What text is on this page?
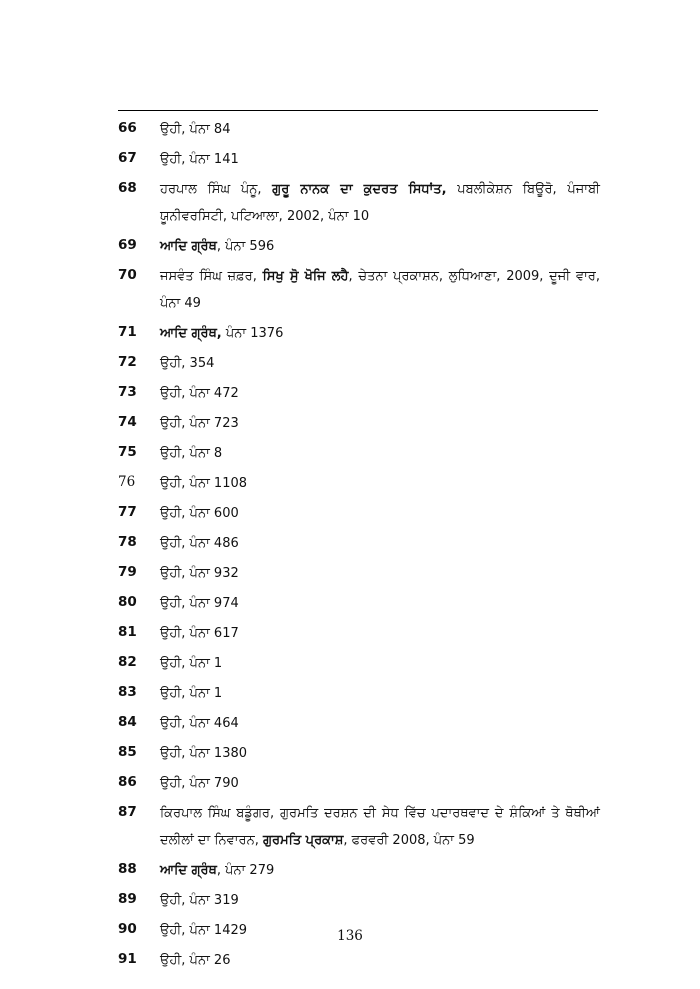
66	ਉਹੀ, ਪੰਨਾ 84
67	ਉਹੀ, ਪੰਨਾ 141
68	ਹਰਪਾਲ ਸਿੰਘ ਪੰਨੂ, ਗੁਰੂ ਨਾਨਕ ਦਾ ਕੁਦਰਤ ਸਿਧਾਂਤ, ਪਬਲੀਕੇਸ਼ਨ ਬਿਊਰੋ, ਪੰਜਾਬੀ ਯੂਨੀਵਰਸਿਟੀ, ਪਟਿਆਲਾ, 2002, ਪੰਨਾ 10
69	ਆਦਿ ਗ੍ਰੰਥ, ਪੰਨਾ 596
70	ਜਸਵੰਤ ਸਿੰਘ ਜ਼ਫ਼ਰ, ਸਿਖੁ ਸੁੋ ਖੋਜਿ ਲਹੈ, ਚੇਤਨਾ ਪ੍ਰਕਾਸ਼ਨ, ਲੁਧਿਆਣਾ, 2009, ਦੂਜੀ ਵਾਰ, ਪੰਨਾ 49
71	ਆਦਿ ਗ੍ਰੰਥ, ਪੰਨਾ 1376
72	ਉਹੀ, 354
73	ਉਹੀ, ਪੰਨਾ 472
74	ਉਹੀ, ਪੰਨਾ 723
75	ਉਹੀ, ਪੰਨਾ 8
76	ਉਹੀ, ਪੰਨਾ 1108
77	ਉਹੀ, ਪੰਨਾ 600
78	ਉਹੀ, ਪੰਨਾ 486
79	ਉਹੀ, ਪੰਨਾ 932
80	ਉਹੀ, ਪੰਨਾ 974
81	ਉਹੀ, ਪੰਨਾ 617
82	ਉਹੀ, ਪੰਨਾ 1
83	ਉਹੀ, ਪੰਨਾ 1
84	ਉਹੀ, ਪੰਨਾ 464
85	ਉਹੀ, ਪੰਨਾ 1380
86	ਉਹੀ, ਪੰਨਾ 790
87	ਕਿਰਪਾਲ ਸਿੰਘ ਬਡੂੰਗਰ, ਗੁਰਮਤਿ ਦਰਸ਼ਨ ਦੀ ਸੇਧ ਵਿੱਚ ਪਦਾਰਥਵਾਦ ਦੇ ਸ਼ੰਕਿਆਂ ਤੇ ਥੋਥੀਆਂ ਦਲੀਲਾਂ ਦਾ ਨਿਵਾਰਨ, ਗੁਰਮਤਿ ਪ੍ਰਕਾਸ਼, ਫਰਵਰੀ 2008, ਪੰਨਾ 59
88	ਆਦਿ ਗ੍ਰੰਥ, ਪੰਨਾ 279
89	ਉਹੀ, ਪੰਨਾ 319
90	ਉਹੀ, ਪੰਨਾ 1429
91	ਉਹੀ, ਪੰਨਾ 26
136
